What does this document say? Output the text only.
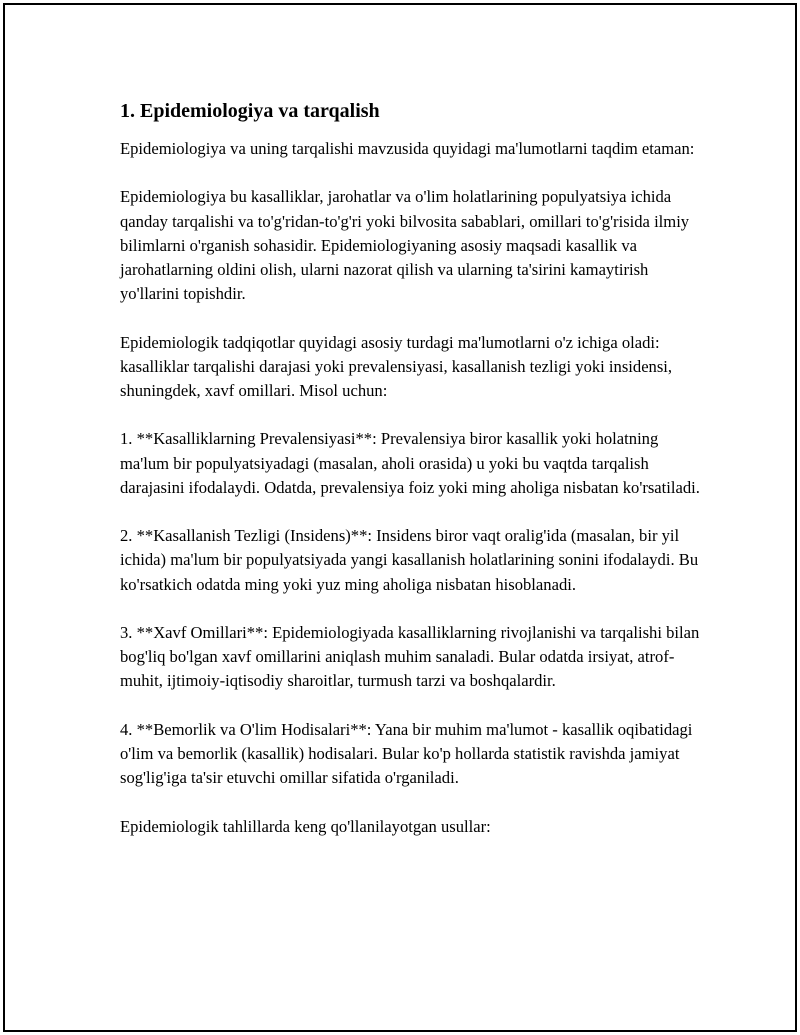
1. Epidemiologiya va tarqalish

Epidemiologiya va uning tarqalishi mavzusida quyidagi ma'lumotlarni taqdim etaman:

Epidemiologiya bu kasalliklar, jarohatlar va o'lim holatlarining populyatsiya ichida qanday tarqalishi va to'g'ridan-to'g'ri yoki bilvosita sabablari, omillari to'g'risida ilmiy bilimlarni o'rganish sohasidir. Epidemiologiyaning asosiy maqsadi kasallik va jarohatlarning oldini olish, ularni nazorat qilish va ularning ta'sirini kamaytirish yo'llarini topishdir.

Epidemiologik tadqiqotlar quyidagi asosiy turdagi ma'lumotlarni o'z ichiga oladi: kasalliklar tarqalishi darajasi yoki prevalensiyasi, kasallanish tezligi yoki insidensi, shuningdek, xavf omillari. Misol uchun:

1. **Kasalliklarning Prevalensiyasi**: Prevalensiya biror kasallik yoki holatning ma'lum bir populyatsiyadagi (masalan, aholi orasida) u yoki bu vaqtda tarqalish darajasini ifodalaydi. Odatda, prevalensiya foiz yoki ming aholiga nisbatan ko'rsatiladi.

2. **Kasallanish Tezligi (Insidens)**: Insidens biror vaqt oralig'ida (masalan, bir yil ichida) ma'lum bir populyatsiyada yangi kasallanish holatlarining sonini ifodalaydi. Bu ko'rsatkich odatda ming yoki yuz ming aholiga nisbatan hisoblanadi.

3. **Xavf Omillari**: Epidemiologiyada kasalliklarning rivojlanishi va tarqalishi bilan bog'liq bo'lgan xavf omillarini aniqlash muhim sanaladi. Bular odatda irsiyat, atrof-muhit, ijtimoiy-iqtisodiy sharoitlar, turmush tarzi va boshqalardir.

4. **Bemorlik va O'lim Hodisalari**: Yana bir muhim ma'lumot - kasallik oqibatidagi o'lim va bemorlik (kasallik) hodisalari. Bular ko'p hollarda statistik ravishda jamiyat sog'lig'iga ta'sir etuvchi omillar sifatida o'rganiladi.

Epidemiologik tahlillarda keng qo'llanilayotgan usullar:
